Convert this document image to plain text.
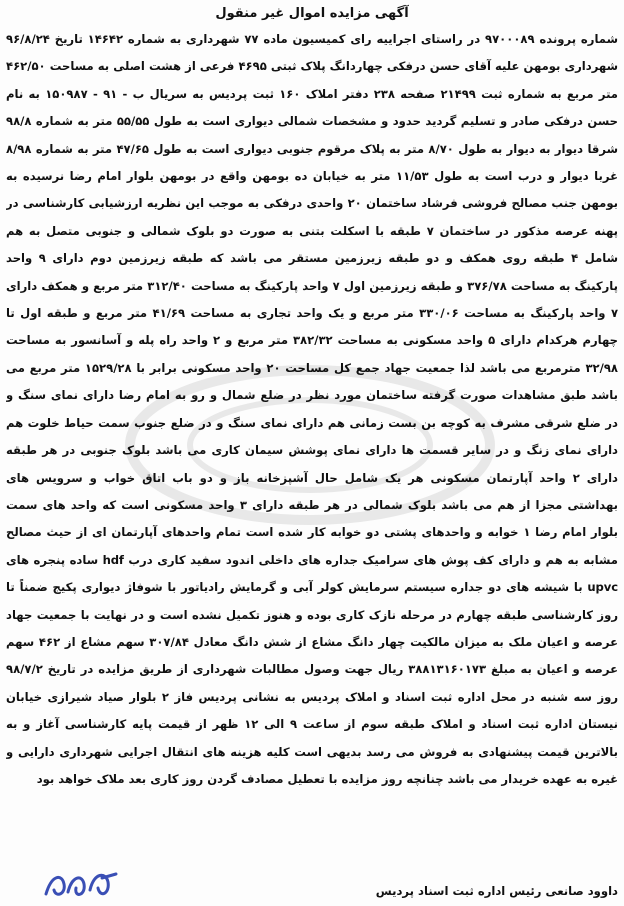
آگهی مزایده اموال غیر منقول

شماره پرونده ۹۷۰۰۰۸۹ در راستای اجراییه رای کمیسیون ماده ۷۷ شهرداری به شماره ۱۴۶۴۲ تاریخ ۹۶/۸/۲۴ شهرداری بومهن علیه آقای حسن درفکی چهاردانگ پلاک ثبتی ۴۶۹۵ فرعی از هشت اصلی به مساحت ۴۶۲/۵۰ متر مربع به شماره ثبت ۲۱۴۹۹ صفحه ۲۳۸ دفتر املاک ۱۶۰ ثبت پردیس به سریال ب - ۹۱ - ۱۵۰۹۸۷ به نام حسن درفکی صادر و تسلیم گردید حدود و مشخصات شمالی دیواری است به طول ۵۵/۵۵ متر به شماره ۹۸/۸ شرقا دیوار به دیوار به طول ۸/۷۰ متر به پلاک مرقوم جنوبی دیواری است به طول ۴۷/۶۵ متر به شماره ۸/۹۸ غربا دیوار و درب است به طول ۱۱/۵۳ متر به خیابان ده بومهن واقع در بومهن بلوار امام رضا نرسیده به بومهن جنب مصالح فروشی فرشاد ساختمان ۲۰ واحدی درفکی به موجب این نظریه ارزشیابی کارشناسی در پهنه عرصه مذکور در ساختمان ۷ طبقه با اسکلت بتنی به صورت دو بلوک شمالی و جنوبی متصل به هم شامل ۴ طبقه روی همکف و دو طبقه زیرزمین مستقر می باشد که طبقه زیرزمین دوم دارای ۹ واحد پارکینگ به مساحت ۳۷۶/۷۸ و طبقه زیرزمین اول ۷ واحد پارکینگ به مساحت ۳۱۲/۴۰ متر مربع و همکف دارای ۷ واحد پارکینگ به مساحت ۳۳۰/۰۶ متر مربع و یک واحد تجاری به مساحت ۴۱/۶۹ متر مربع و طبقه اول تا چهارم هرکدام دارای ۵ واحد مسکونی به مساحت ۳۸۲/۳۲ متر مربع و ۲ واحد راه پله و آسانسور به مساحت ۳۲/۹۸ مترمربع می باشد لذا جمعیت جهاد جمع کل مساحت ۲۰ واحد مسکونی برابر با ۱۵۲۹/۲۸ متر مربع می باشد طبق مشاهدات صورت گرفته ساختمان مورد نظر در ضلع شمال و رو به امام رضا دارای نمای سنگ و در ضلع شرقی مشرف به کوچه بن بست زمانی هم دارای نمای سنگ و در ضلع جنوب سمت حیاط خلوت هم دارای نمای زنگ و در سایر قسمت ها دارای نمای پوشش سیمان کاری می باشد بلوک جنوبی در هر طبقه دارای ۲ واحد آپارتمان مسکونی هر یک شامل حال آشپزخانه باز و دو باب اتاق خواب و سرویس های بهداشتی مجزا از هم می باشد بلوک شمالی در هر طبقه دارای ۳ واحد مسکونی است که واحد های سمت بلوار امام رضا ۱ خوابه و واحدهای پشتی دو خوابه کار شده است تمام واحدهای آپارتمان ای از حیث مصالح مشابه به هم و دارای کف پوش های سرامیک جداره های داخلی اندود سفید کاری درب hdf ساده پنجره های upvc با شیشه های دو جداره سیستم سرمایش کولر آبی و گرمایش رادیاتور با شوفاژ دیواری پکیج ضمناً تا روز کارشناسی طبقه چهارم در مرحله نازک کاری بوده و هنوز تکمیل نشده است و در نهایت با جمعیت جهاد عرصه و اعیان ملک به میزان مالکیت چهار دانگ مشاع از شش دانگ معادل ۳۰۷/۸۴ سهم مشاع از ۴۶۲ سهم عرصه و اعیان به مبلغ ۳۸۸۱۳۱۶۰۱۷۳ ریال جهت وصول مطالبات شهرداری از طریق مزایده در تاریخ ۹۸/۷/۲ روز سه شنبه در محل اداره ثبت اسناد و املاک پردیس به نشانی پردیس فاز ۲ بلوار صیاد شیرازی خیابان نیستان اداره ثبت اسناد و املاک طبقه سوم از ساعت ۹ الی ۱۲ ظهر از قیمت پایه کارشناسی آغاز و به بالاترین قیمت پیشنهادی به فروش می رسد بدیهی است کلیه هزینه های انتقال اجرایی شهرداری دارایی و غیره به عهده خریدار می باشد چنانچه روز مزایده با تعطیل مصادف گردن روز کاری بعد ملاک خواهد بود

داوود صانعی رئیس اداره ثبت اسناد پردیس
